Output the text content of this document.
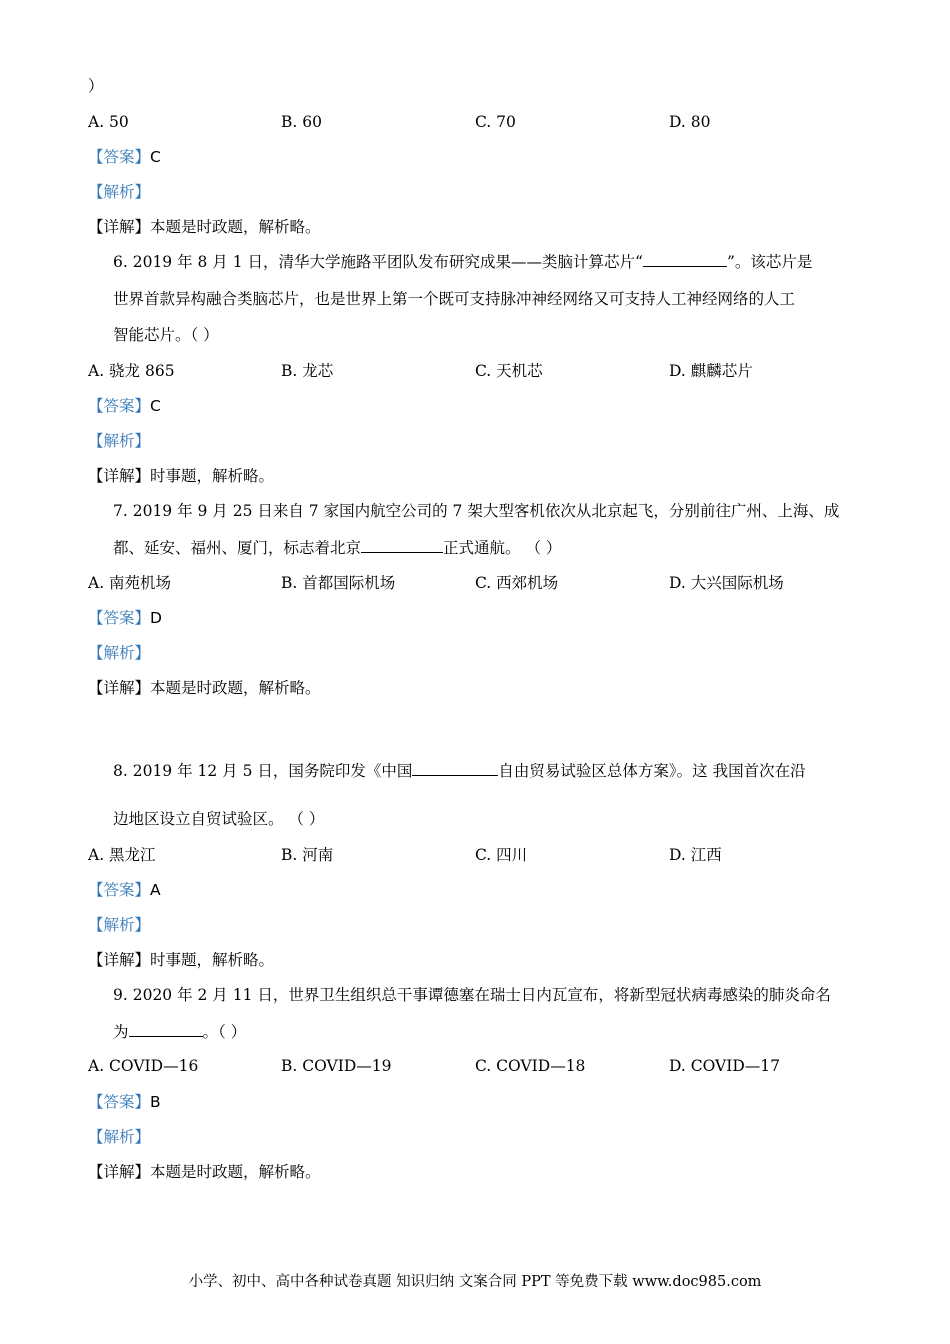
）
A. 50	B. 60	C. 70	D. 80
【答案】C
【解析】
【详解】本题是时政题，解析略。
6. 2019 年 8 月 1 日，清华大学施路平团队发布研究成果——类脑计算芯片“	”。该芯片是
世界首款异构融合类脑芯片，也是世界上第一个既可支持脉冲神经网络又可支持人工神经网络的人工
智能芯片。（ ）
A. 骁龙 865	B. 龙芯	C. 天机芯	D. 麒麟芯片
【答案】C
【解析】
【详解】时事题，解析略。
7. 2019 年 9 月 25 日来自 7 家国内航空公司的 7 架大型客机依次从北京起飞，分别前往广州、上海、成
都、延安、福州、厦门，标志着北京	正式通航。 （ ）
A. 南苑机场	B. 首都国际机场	C. 西郊机场	D. 大兴国际机场
【答案】D
【解析】
【详解】本题是时政题，解析略。
8. 2019 年 12 月 5 日，国务院印发《中国	自由贸易试验区总体方案》。这 我国首次在沿
边地区设立自贸试验区。 （ ）
A. 黑龙江	B. 河南	C. 四川	D. 江西
【答案】A
【解析】
【详解】时事题，解析略。
9. 2020 年 2 月 11 日，世界卫生组织总干事谭德塞在瑞士日内瓦宣布，将新型冠状病毒感染的肺炎命名
为	。（ ）
A. COVID—16	B. COVID—19	C. COVID—18	D. COVID—17
【答案】B
【解析】
【详解】本题是时政题，解析略。
小学、初中、高中各种试卷真题 知识归纳 文案合同 PPT 等免费下载 www.doc985.com
